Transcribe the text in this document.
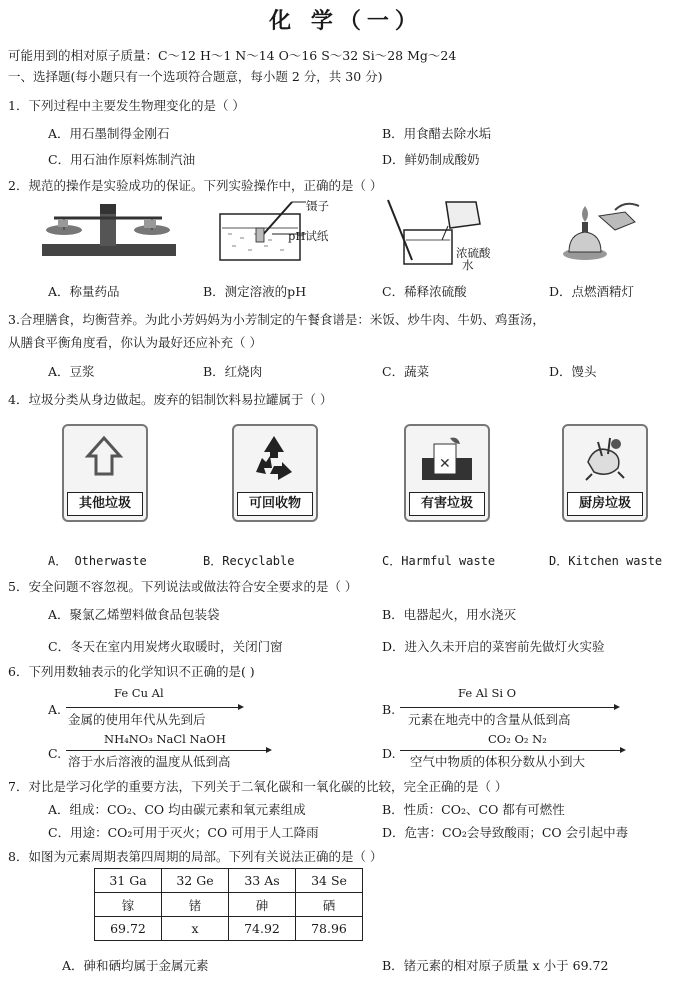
化 学（一）
可能用到的相对原子质量：C～12 H～1 N～14 O～16 S～32 Si～28 Mg～24
一、选择题(每小题只有一个选项符合题意，每小题 2 分，共 30 分)
1．下列过程中主要发生物理变化的是（ ）
A．用石墨制得金刚石	B．用食醋去除水垢
C．用石油作原料炼制汽油	D．鲜奶制成酸奶
2．规范的操作是实验成功的保证。下列实验操作中，正确的是（ ）
镊子
pH试纸
浓硫酸
水
A．称量药品	B．测定溶液的pH	C．稀释浓硫酸	D．点燃酒精灯
3.合理膳食，均衡营养。为此小芳妈妈为小芳制定的午餐食谱是：米饭、炒牛肉、牛奶、鸡蛋汤，
从膳食平衡角度看，你认为最好还应补充（ ）
A．豆浆	B．红烧肉	C．蔬菜	D．馒头
4．垃圾分类从身边做起。废弃的铝制饮料易拉罐属于（ ）
其他垃圾	可回收物
✕
有害垃圾	厨房垃圾
A． Otherwaste	B．Recyclable	C．Harmful waste	D．Kitchen waste
5．安全问题不容忽视。下列说法或做法符合安全要求的是（ ）
A．聚氯乙烯塑料做食品包装袋	B．电器起火，用水浇灭
C．冬天在室内用炭烤火取暖时，关闭门窗	D．进入久未开启的菜窖前先做灯火实验
6．下列用数轴表示的化学知识不正确的是( )
Fe Cu Al
A.
金属的使用年代从先到后
Fe Al Si O
B.
元素在地壳中的含量从低到高
NH₄NO₃ NaCl NaOH
C.
溶于水后溶液的温度从低到高
CO₂ O₂ N₂
D.
空气中物质的体积分数从小到大
7．对比是学习化学的重要方法，下列关于二氧化碳和一氧化碳的比较，完全正确的是（ ）
A．组成：CO₂、CO 均由碳元素和氧元素组成	B．性质：CO₂、CO 都有可燃性
C．用途：CO₂可用于灭火；CO 可用于人工降雨	D．危害：CO₂会导致酸雨；CO 会引起中毒
8．如图为元素周期表第四周期的局部。下列有关说法正确的是（ ）
31 Ga	32 Ge	33 As	34 Se
镓	锗	砷	硒
69.72	x	74.92	78.96
A．砷和硒均属于金属元素	B．锗元素的相对原子质量 x 小于 69.72
